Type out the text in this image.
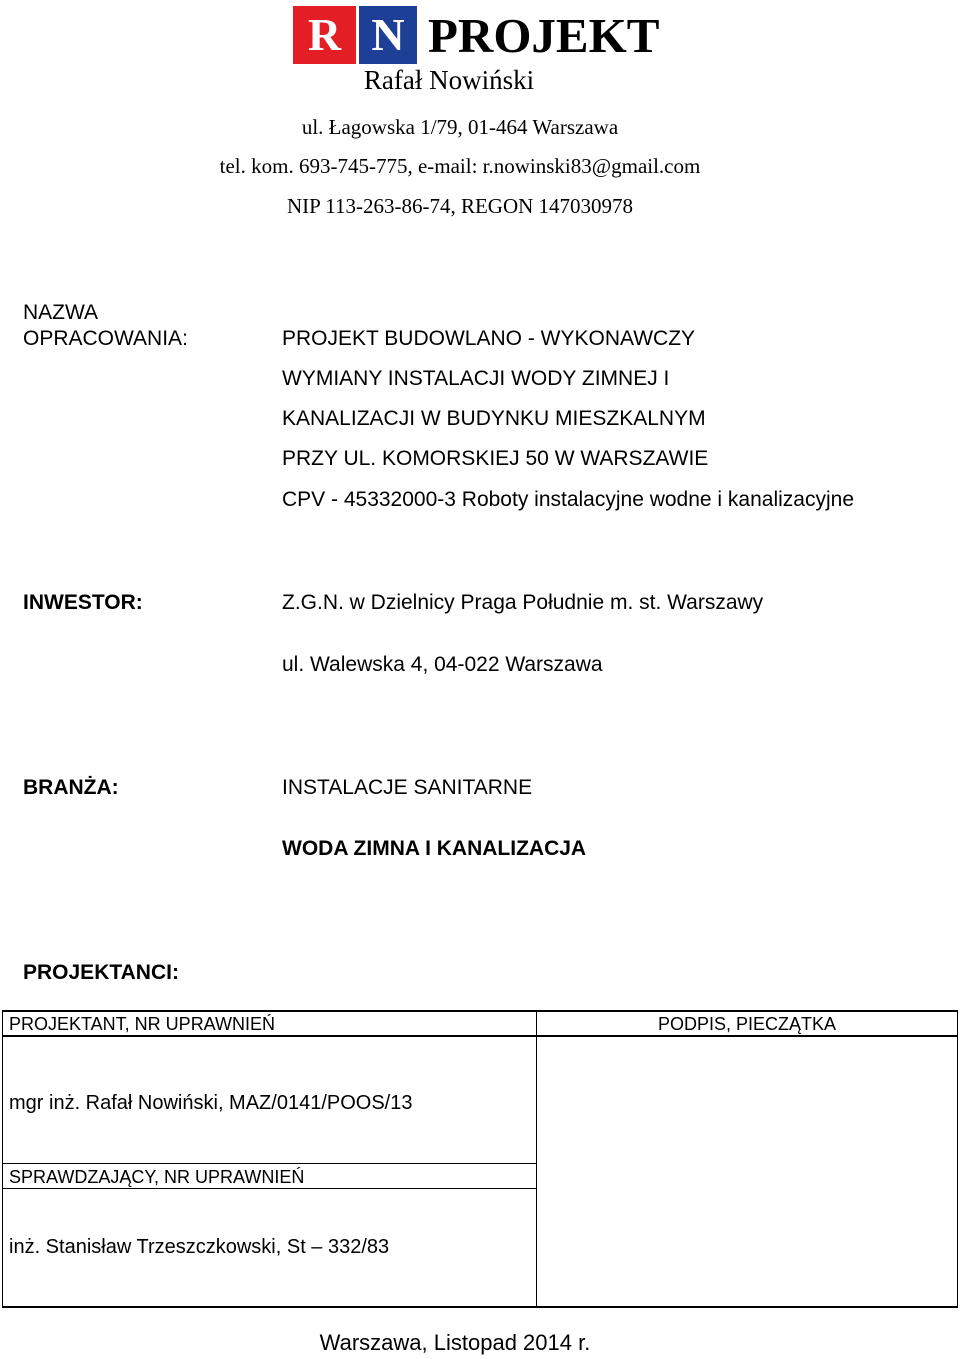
R N PROJEKT
Rafał Nowiński
ul. Łagowska 1/79, 01-464 Warszawa
tel. kom. 693-745-775, e-mail: r.nowinski83@gmail.com
NIP 113-263-86-74, REGON 147030978
NAZWA
OPRACOWANIA:	PROJEKT BUDOWLANO - WYKONAWCZY
WYMIANY INSTALACJI WODY ZIMNEJ I
KANALIZACJI W BUDYNKU MIESZKALNYM
PRZY UL. KOMORSKIEJ 50 W WARSZAWIE
CPV - 45332000-3 Roboty instalacyjne wodne i kanalizacyjne
INWESTOR:	Z.G.N. w Dzielnicy Praga Południe m. st. Warszawy
ul. Walewska 4, 04-022 Warszawa
BRANŻA:	INSTALACJE SANITARNE
WODA ZIMNA I KANALIZACJA
PROJEKTANCI:
PROJEKTANT, NR UPRAWNIEŃ	PODPIS, PIECZĄTKA
mgr inż. Rafał Nowiński, MAZ/0141/POOS/13
SPRAWDZAJĄCY, NR UPRAWNIEŃ
inż. Stanisław Trzeszczkowski, St – 332/83
Warszawa, Listopad 2014 r.
